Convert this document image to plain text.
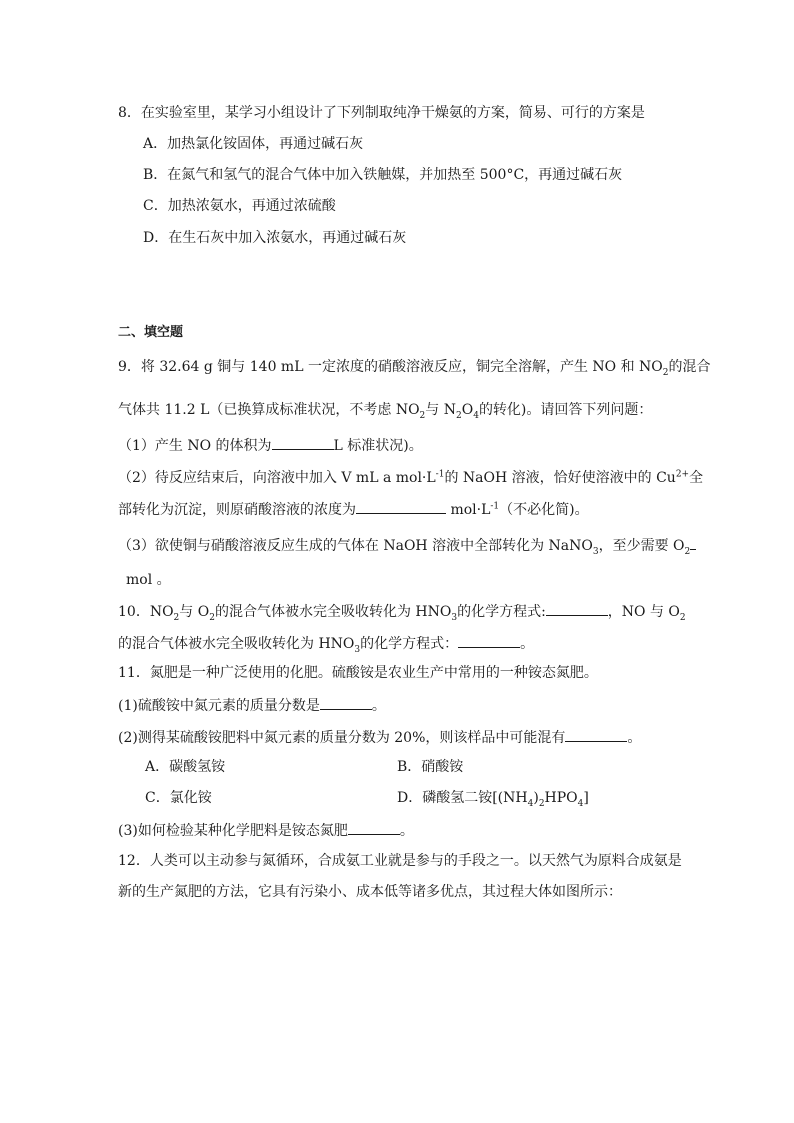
8．在实验室里，某学习小组设计了下列制取纯净干燥氨的方案，简易、可行的方案是
A．加热氯化铵固体，再通过碱石灰
B．在氮气和氢气的混合气体中加入铁触媒，并加热至 500°C，再通过碱石灰
C．加热浓氨水，再通过浓硫酸
D．在生石灰中加入浓氨水，再通过碱石灰
二、填空题
9．将 32.64 g 铜与 140 mL 一定浓度的硝酸溶液反应，铜完全溶解，产生 NO 和 $NO_2$的混合
气体共 11.2 L（已换算成标准状况，不考虑 $NO_2$与 $N_2O_4$的转化)。请回答下列问题：
（1）产生 NO 的体积为	L 标准状况)。
（2）待反应结束后，向溶液中加入 V mL a $mol\cdot L^{-1}$的 NaOH 溶液，恰好使溶液中的 $Cu^{2+}$全
部转化为沉淀，则原硝酸溶液的浓度为	$mol\cdot L^{-1}$（不必化简)。
（3）欲使铜与硝酸溶液反应生成的气体在 NaOH 溶液中全部转化为 NaNO$_3$，至少需要 $O_2$
mol 。
10．$NO_2$与 $O_2$的混合气体被水完全吸收转化为 $HNO_3$的化学方程式:	，NO 与 $O_2$
的混合气体被水完全吸收转化为 $HNO_3$的化学方程式：	。
11．氮肥是一种广泛使用的化肥。硫酸铵是农业生产中常用的一种铵态氮肥。
(1)硫酸铵中氮元素的质量分数是	。
(2)测得某硫酸铵肥料中氮元素的质量分数为 20%，则该样品中可能混有	。
A．碳酸氢铵	B．硝酸铵
C．氯化铵	D．磷酸氢二铵$[(NH_4)_2HPO_4]$
(3)如何检验某种化学肥料是铵态氮肥	。
12．人类可以主动参与氮循环，合成氨工业就是参与的手段之一。以天然气为原料合成氨是
新的生产氮肥的方法，它具有污染小、成本低等诸多优点，其过程大体如图所示：
